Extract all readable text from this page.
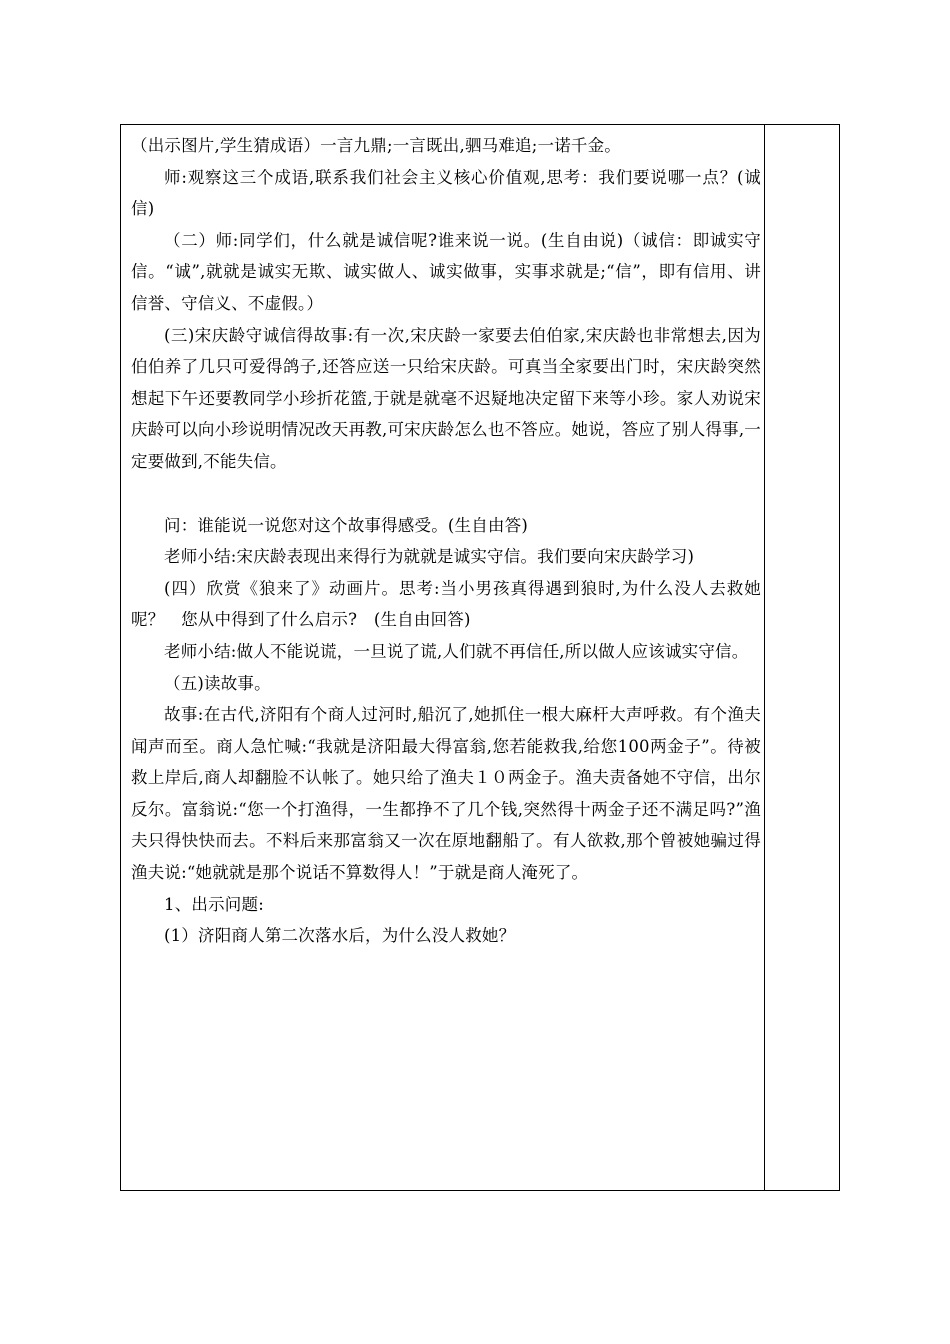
（出示图片,学生猜成语）一言九鼎;一言既出,驷马难追;一诺千金。

师:观察这三个成语,联系我们社会主义核心价值观,思考：我们要说哪一点？(诚信)

（二）师:同学们，什么就是诚信呢?谁来说一说。(生自由说)（诚信：即诚实守信。“诚”,就就是诚实无欺、诚实做人、诚实做事，实事求就是;“信”，即有信用、讲信誉、守信义、不虚假。）

(三)宋庆龄守诚信得故事:有一次,宋庆龄一家要去伯伯家,宋庆龄也非常想去,因为伯伯养了几只可爱得鸽子,还答应送一只给宋庆龄。可真当全家要出门时，宋庆龄突然想起下午还要教同学小珍折花篮,于就是就毫不迟疑地决定留下来等小珍。家人劝说宋庆龄可以向小珍说明情况改天再教,可宋庆龄怎么也不答应。她说，答应了别人得事,一定要做到,不能失信。

问：谁能说一说您对这个故事得感受。(生自由答)

老师小结:宋庆龄表现出来得行为就就是诚实守信。我们要向宋庆龄学习)

(四）欣赏《狼来了》动画片。思考:当小男孩真得遇到狼时,为什么没人去救她呢？　您从中得到了什么启示?　(生自由回答)

老师小结:做人不能说谎，一旦说了谎,人们就不再信任,所以做人应该诚实守信。

（五)读故事。

故事:在古代,济阳有个商人过河时,船沉了,她抓住一根大麻杆大声呼救。有个渔夫闻声而至。商人急忙喊:“我就是济阳最大得富翁,您若能救我,给您100两金子”。待被救上岸后,商人却翻脸不认帐了。她只给了渔夫１０两金子。渔夫责备她不守信，出尔反尔。富翁说:“您一个打渔得，一生都挣不了几个钱,突然得十两金子还不满足吗?”渔夫只得快快而去。不料后来那富翁又一次在原地翻船了。有人欲救,那个曾被她骗过得渔夫说:“她就就是那个说话不算数得人！”于就是商人淹死了。

1、出示问题:

(1）济阳商人第二次落水后，为什么没人救她？
